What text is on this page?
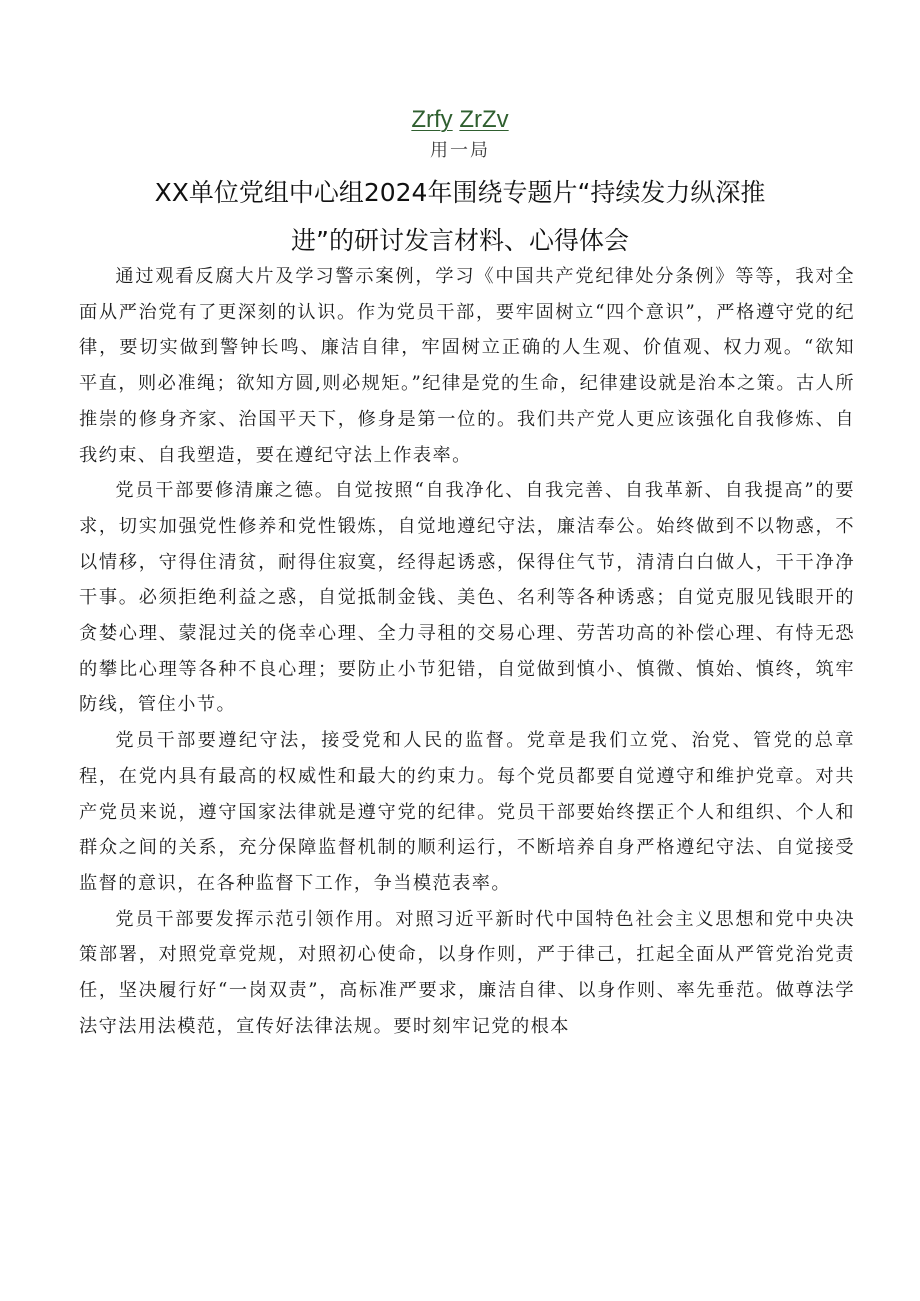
Zrfy ZrZv
用一局
XX单位党组中心组2024年围绕专题片“持续发力纵深推
进”的研讨发言材料、心得体会

通过观看反腐大片及学习警示案例，学习《中国共产党纪律处分条例》等等，我对全面从严治党有了更深刻的认识。作为党员干部，要牢固树立“四个意识”，严格遵守党的纪律，要切实做到警钟长鸣、廉洁自律，牢固树立正确的人生观、价值观、权力观。“欲知平直，则必准绳；欲知方圆,则必规矩。”纪律是党的生命，纪律建设就是治本之策。古人所推崇的修身齐家、治国平天下，修身是第一位的。我们共产党人更应该强化自我修炼、自我约束、自我塑造，要在遵纪守法上作表率。

党员干部要修清廉之德。自觉按照“自我净化、自我完善、自我革新、自我提高”的要求，切实加强党性修养和党性锻炼，自觉地遵纪守法，廉洁奉公。始终做到不以物惑，不以情移，守得住清贫，耐得住寂寞，经得起诱惑，保得住气节，清清白白做人，干干净净干事。必须拒绝利益之惑，自觉抵制金钱、美色、名利等各种诱惑；自觉克服见钱眼开的贪婪心理、蒙混过关的侥幸心理、全力寻租的交易心理、劳苦功高的补偿心理、有恃无恐的攀比心理等各种不良心理；要防止小节犯错，自觉做到慎小、慎微、慎始、慎终，筑牢防线，管住小节。

党员干部要遵纪守法，接受党和人民的监督。党章是我们立党、治党、管党的总章程，在党内具有最高的权威性和最大的约束力。每个党员都要自觉遵守和维护党章。对共产党员来说，遵守国家法律就是遵守党的纪律。党员干部要始终摆正个人和组织、个人和群众之间的关系，充分保障监督机制的顺利运行，不断培养自身严格遵纪守法、自觉接受监督的意识，在各种监督下工作，争当模范表率。

党员干部要发挥示范引领作用。对照习近平新时代中国特色社会主义思想和党中央决策部署，对照党章党规，对照初心使命，以身作则，严于律己，扛起全面从严管党治党责任，坚决履行好“一岗双责”，高标准严要求，廉洁自律、以身作则、率先垂范。做尊法学法守法用法模范，宣传好法律法规。要时刻牢记党的根本
